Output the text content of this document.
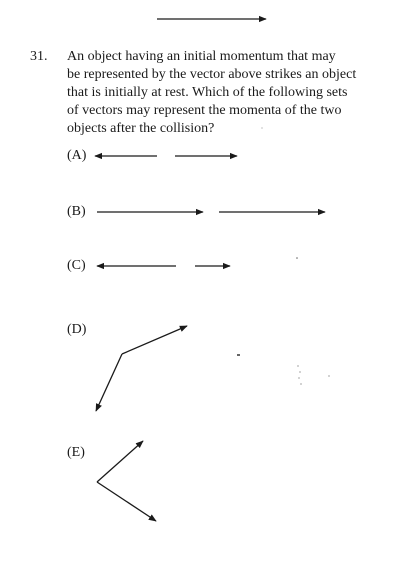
31. An object having an initial momentum that may
be represented by the vector above strikes an object
that is initially at rest. Which of the following sets
of vectors may represent the momenta of the two
objects after the collision?
(A)
(B)
(C)
(D)
(E)
